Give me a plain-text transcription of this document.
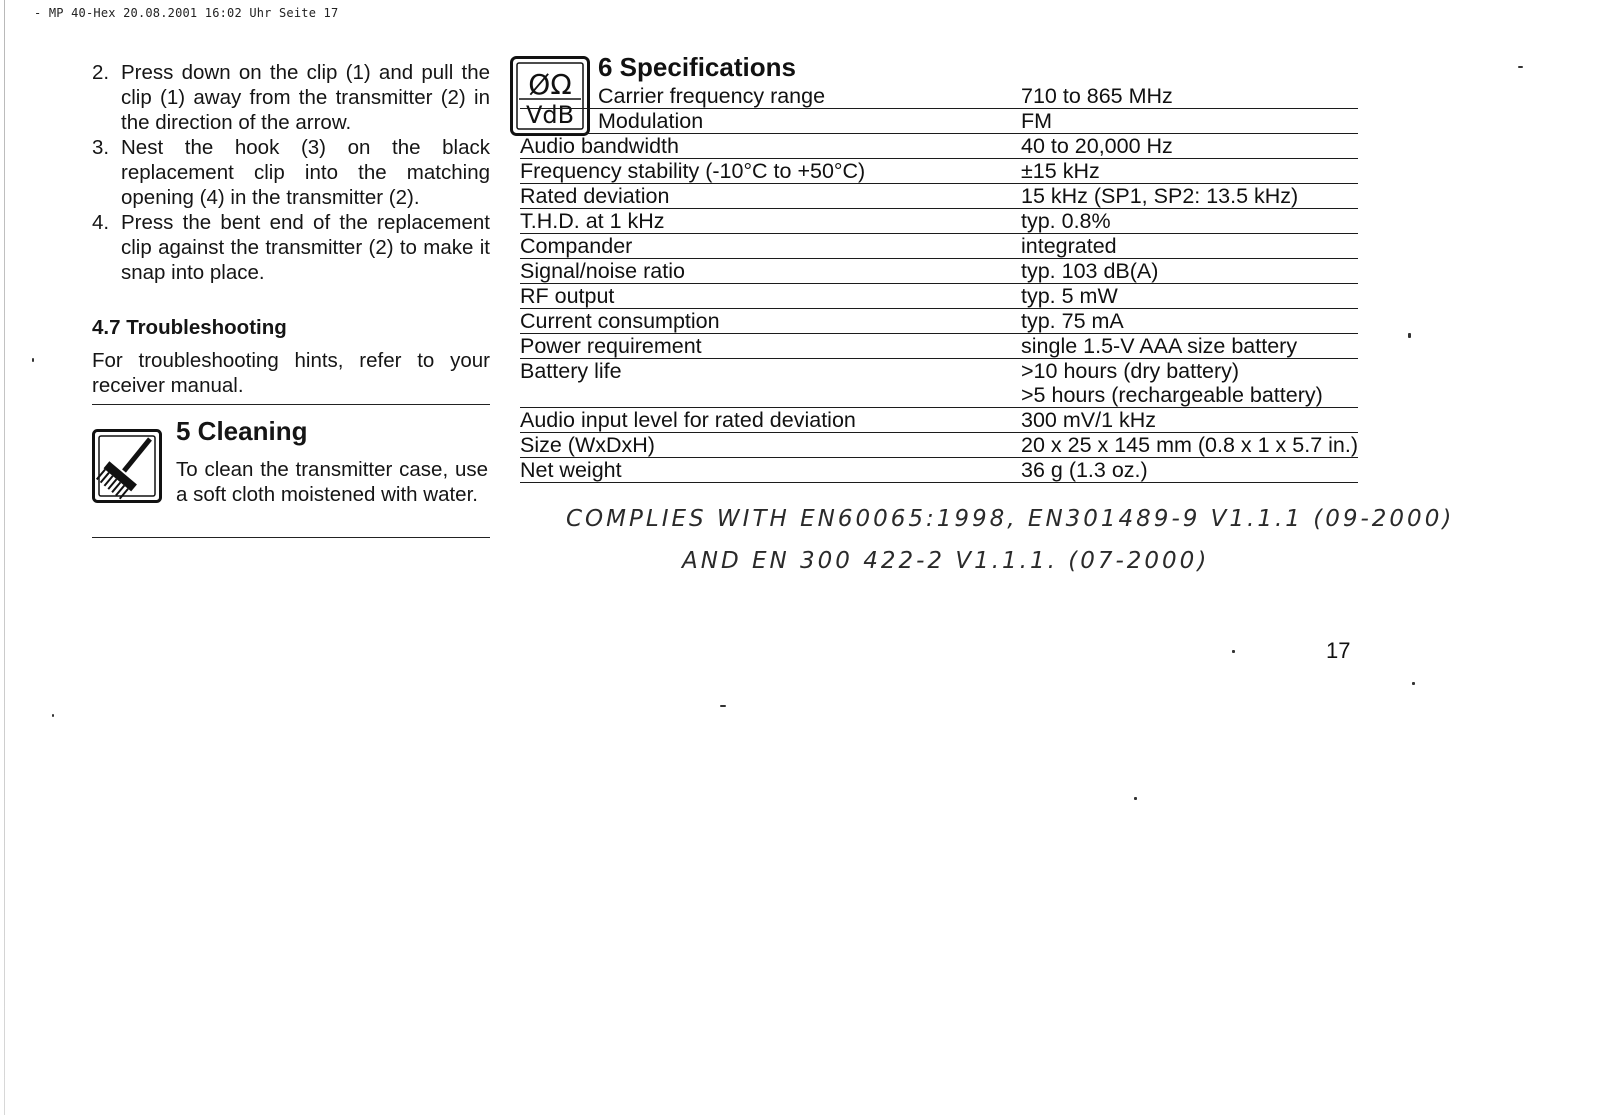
- MP 40-Hex 20.08.2001 16:02 Uhr Seite 17
2. Press down on the clip (1) and pull the clip (1) away from the transmitter (2) in the direction of the arrow.
3. Nest the hook (3) on the black replacement clip into the matching opening (4) in the transmitter (2).
4. Press the bent end of the replacement clip against the transmitter (2) to make it snap into place.
4.7 Troubleshooting
For troubleshooting hints, refer to your receiver manual.
5 Cleaning
To clean the transmitter case, use a soft cloth moistened with water.
ØΩ
VdB
6 Specifications
Carrier frequency range	710 to 865 MHz
Modulation	FM
Audio bandwidth	40 to 20,000 Hz
Frequency stability (-10°C to +50°C)	±15 kHz
Rated deviation	15 kHz (SP1, SP2: 13.5 kHz)
T.H.D. at 1 kHz	typ. 0.8%
Compander	integrated
Signal/noise ratio	typ. 103 dB(A)
RF output	typ. 5 mW
Current consumption	typ. 75 mA
Power requirement	single 1.5-V AAA size battery
Battery life	>10 hours (dry battery)
>5 hours (rechargeable battery)

Audio input level for rated deviation	300 mV/1 kHz
Size (WxDxH)	20 x 25 x 145 mm (0.8 x 1 x 5.7 in.)
Net weight	36 g (1.3 oz.)
COMPLIES WITH EN60065:1998, EN301489-9 V1.1.1 (09-2000)
AND EN 300 422-2 V1.1.1. (07-2000)
17
